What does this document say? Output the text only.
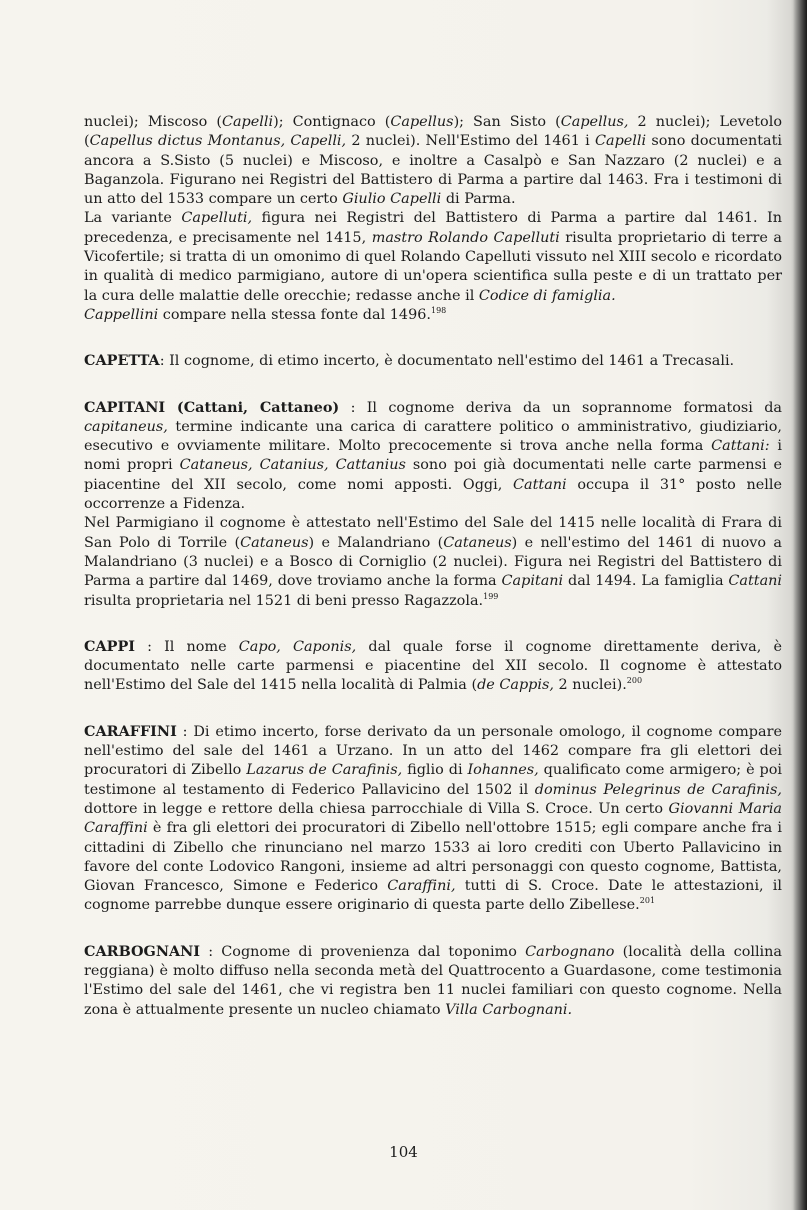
nuclei); Miscoso (Capelli); Contignaco (Capellus); San Sisto (Capellus, 2 nuclei); Levetolo (Capellus dictus Montanus, Capelli, 2 nuclei). Nell'Estimo del 1461 i Capelli sono documentati ancora a S.Sisto (5 nuclei) e Miscoso, e inoltre a Casalpò e San Nazzaro (2 nuclei) e a Baganzola. Figurano nei Registri del Battistero di Parma a partire dal 1463. Fra i testimoni di un atto del 1533 compare un certo Giulio Capelli di Parma.

La variante Capelluti, figura nei Registri del Battistero di Parma a partire dal 1461. In precedenza, e precisamente nel 1415, mastro Rolando Capelluti risulta proprietario di terre a Vicofertile; si tratta di un omonimo di quel Rolando Capelluti vissuto nel XIII secolo e ricordato in qualità di medico parmigiano, autore di un'opera scientifica sulla peste e di un trattato per la cura delle malattie delle orecchie; redasse anche il Codice di famiglia.

Cappellini compare nella stessa fonte dal 1496.$^{198}$

CAPETTA: Il cognome, di etimo incerto, è documentato nell'estimo del 1461 a Trecasali.

CAPITANI (Cattani, Cattaneo) : Il cognome deriva da un soprannome formatosi da capitaneus, termine indicante una carica di carattere politico o amministrativo, giudiziario, esecutivo e ovviamente militare. Molto precocemente si trova anche nella forma Cattani: i nomi propri Cataneus, Catanius, Cattanius sono poi già documentati nelle carte parmensi e piacentine del XII secolo, come nomi apposti. Oggi, Cattani occupa il 31° posto nelle occorrenze a Fidenza.

Nel Parmigiano il cognome è attestato nell'Estimo del Sale del 1415 nelle località di Frara di San Polo di Torrile (Cataneus) e Malandriano (Cataneus) e nell'estimo del 1461 di nuovo a Malandriano (3 nuclei) e a Bosco di Corniglio (2 nuclei). Figura nei Registri del Battistero di Parma a partire dal 1469, dove troviamo anche la forma Capitani dal 1494. La famiglia Cattani risulta proprietaria nel 1521 di beni presso Ragazzola.$^{199}$

CAPPI : Il nome Capo, Caponis, dal quale forse il cognome direttamente deriva, è documentato nelle carte parmensi e piacentine del XII secolo. Il cognome è attestato nell'Estimo del Sale del 1415 nella località di Palmia (de Cappis, 2 nuclei).$^{200}$

CARAFFINI : Di etimo incerto, forse derivato da un personale omologo, il cognome compare nell'estimo del sale del 1461 a Urzano. In un atto del 1462 compare fra gli elettori dei procuratori di Zibello Lazarus de Carafinis, figlio di Iohannes, qualificato come armigero; è poi testimone al testamento di Federico Pallavicino del 1502 il dominus Pelegrinus de Carafinis, dottore in legge e rettore della chiesa parrocchiale di Villa S. Croce. Un certo Giovanni Maria Caraffini è fra gli elettori dei procuratori di Zibello nell'ottobre 1515; egli compare anche fra i cittadini di Zibello che rinunciano nel marzo 1533 ai loro crediti con Uberto Pallavicino in favore del conte Lodovico Rangoni, insieme ad altri personaggi con questo cognome, Battista, Giovan Francesco, Simone e Federico Caraffini, tutti di S. Croce. Date le attestazioni, il cognome parrebbe dunque essere originario di questa parte dello Zibellese.$^{201}$

CARBOGNANI : Cognome di provenienza dal toponimo Carbognano (località della collina reggiana) è molto diffuso nella seconda metà del Quattrocento a Guardasone, come testimonia l'Estimo del sale del 1461, che vi registra ben 11 nuclei familiari con questo cognome. Nella zona è attualmente presente un nucleo chiamato Villa Carbognani.

104
